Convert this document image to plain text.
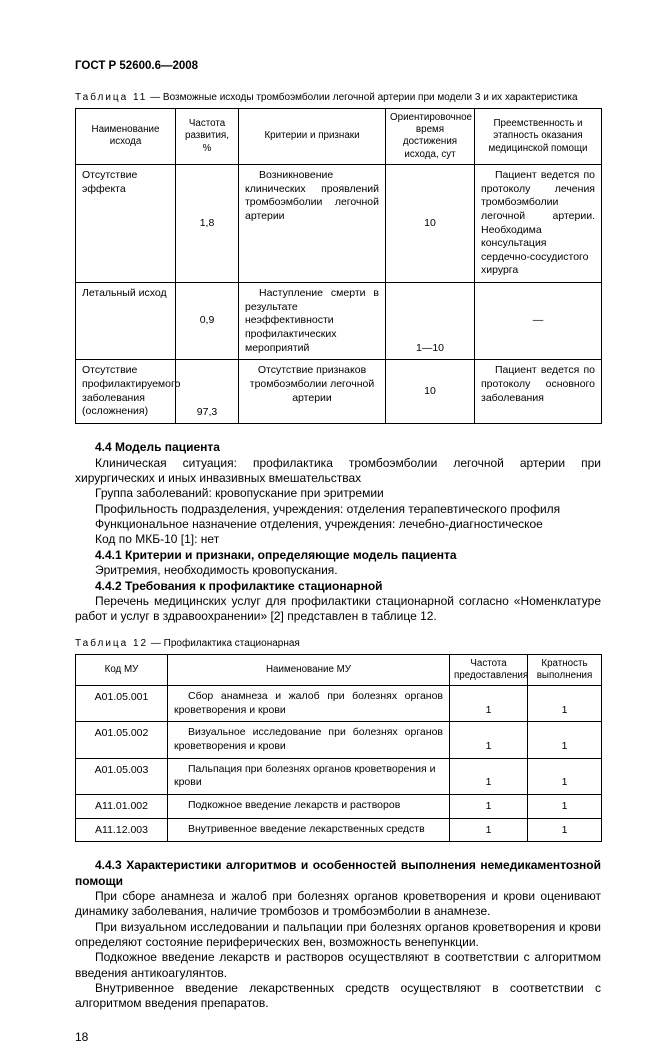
ГОСТ Р 52600.6—2008
Таблица 11 — Возможные исходы тромбоэмболии легочной артерии при модели 3 и их характеристика
Наименование исхода	Частота развития, %	Критерии и признаки	Ориентировочное время достижения исхода, сут	Преемственность и этапность оказания медицинской помощи
Отсутствие эффекта	1,8	Возникновение клинических проявлений тромбоэмболии легочной артерии	10	Пациент ведется по протоколу лечения тромбоэмболии легочной артерии. Необходима консультация сердечно-сосудистого хирурга
Летальный исход	0,9	Наступление смерти в результате неэффективности профилактических мероприятий	1—10	—
Отсутствие профилактируемого заболевания (осложнения)	97,3	Отсутствие признаков тромбоэмболии легочной артерии	10	Пациент ведется по протоколу основного заболевания

4.4 Модель пациента

Клиническая ситуация: профилактика тромбоэмболии легочной артерии при хирургических и иных инвазивных вмешательствах

Группа заболеваний: кровопускание при эритремии

Профильность подразделения, учреждения: отделения терапевтического профиля

Функциональное назначение отделения, учреждения: лечебно-диагностическое

Код по МКБ-10 [1]: нет

4.4.1 Критерии и признаки, определяющие модель пациента

Эритремия, необходимость кровопускания.

4.4.2 Требования к профилактике стационарной

Перечень медицинских услуг для профилактики стационарной согласно «Номенклатуре работ и услуг в здравоохранении» [2] представлен в таблице 12.

Таблица 12 — Профилактика стационарная
Код МУ	Наименование МУ	Частота предоставления	Кратность выполнения
A01.05.001	Сбор анамнеза и жалоб при болезнях органов кроветворения и крови	1	1
A01.05.002	Визуальное исследование при болезнях органов кроветворения и крови	1	1
A01.05.003	Пальпация при болезнях органов кроветворения и крови	1	1
A11.01.002	Подкожное введение лекарств и растворов	1	1
A11.12.003	Внутривенное введение лекарственных средств	1	1

4.4.3 Характеристики алгоритмов и особенностей выполнения немедикаментозной помощи

При сборе анамнеза и жалоб при болезнях органов кроветворения и крови оценивают динамику заболевания, наличие тромбозов и тромбоэмболии в анамнезе.

При визуальном исследовании и пальпации при болезнях органов кроветворения и крови определяют состояние периферических вен, возможность венепункции.

Подкожное введение лекарств и растворов осуществляют в соответствии с алгоритмом введения антикоагулянтов.

Внутривенное введение лекарственных средств осуществляют в соответствии с алгоритмом введения препаратов.

18
